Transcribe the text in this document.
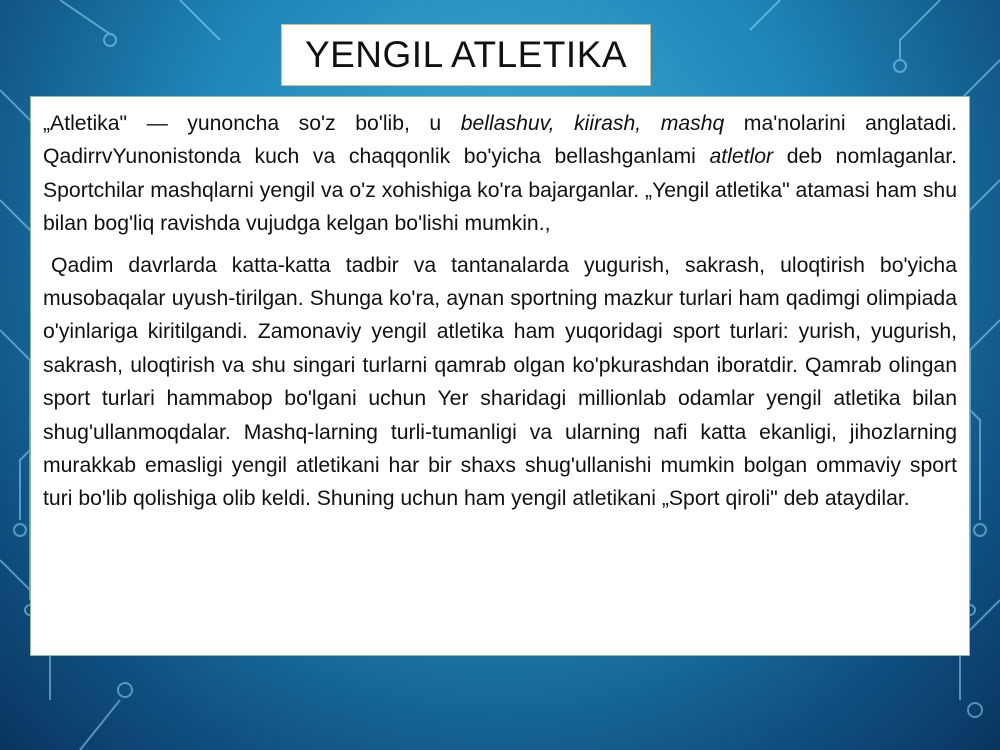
YENGIL ATLETIKA

„Atletika" — yunoncha so'z bo'lib, u bellashuv, kiirash, mashq ma'nolarini anglatadi. QadirrvYunonistonda kuch va chaqqonlik bo'yicha bellashganlami atletlor deb nomlaganlar. Sportchilar mashqlarni yengil va o'z xohishiga ko'ra bajarganlar. „Yengil atletika" atamasi ham shu bilan bog'liq ravishda vujudga kelgan bo'lishi mumkin.,

Qadim davrlarda katta-katta tadbir va tantanalarda yugurish, sakrash, uloqtirish bo'yicha musobaqalar uyush-tirilgan. Shunga ko'ra, aynan sportning mazkur turlari ham qadimgi olimpiada o'yinlariga kiritilgandi. Zamonaviy yengil atletika ham yuqoridagi sport turlari: yurish, yugurish, sakrash, uloqtirish va shu singari turlarni qamrab olgan ko'pkurashdan iboratdir. Qamrab olingan sport turlari hammabop bo'lgani uchun Yer sharidagi millionlab odamlar yengil atletika bilan shug'ullanmoqdalar. Mashq-larning turli-tumanligi va ularning nafi katta ekanligi, jihozlarning murakkab emasligi yengil atletikani har bir shaxs shug'ullanishi mumkin bolgan ommaviy sport turi bo'lib qolishiga olib keldi. Shuning uchun ham yengil atletikani „Sport qiroli" deb ataydilar.
